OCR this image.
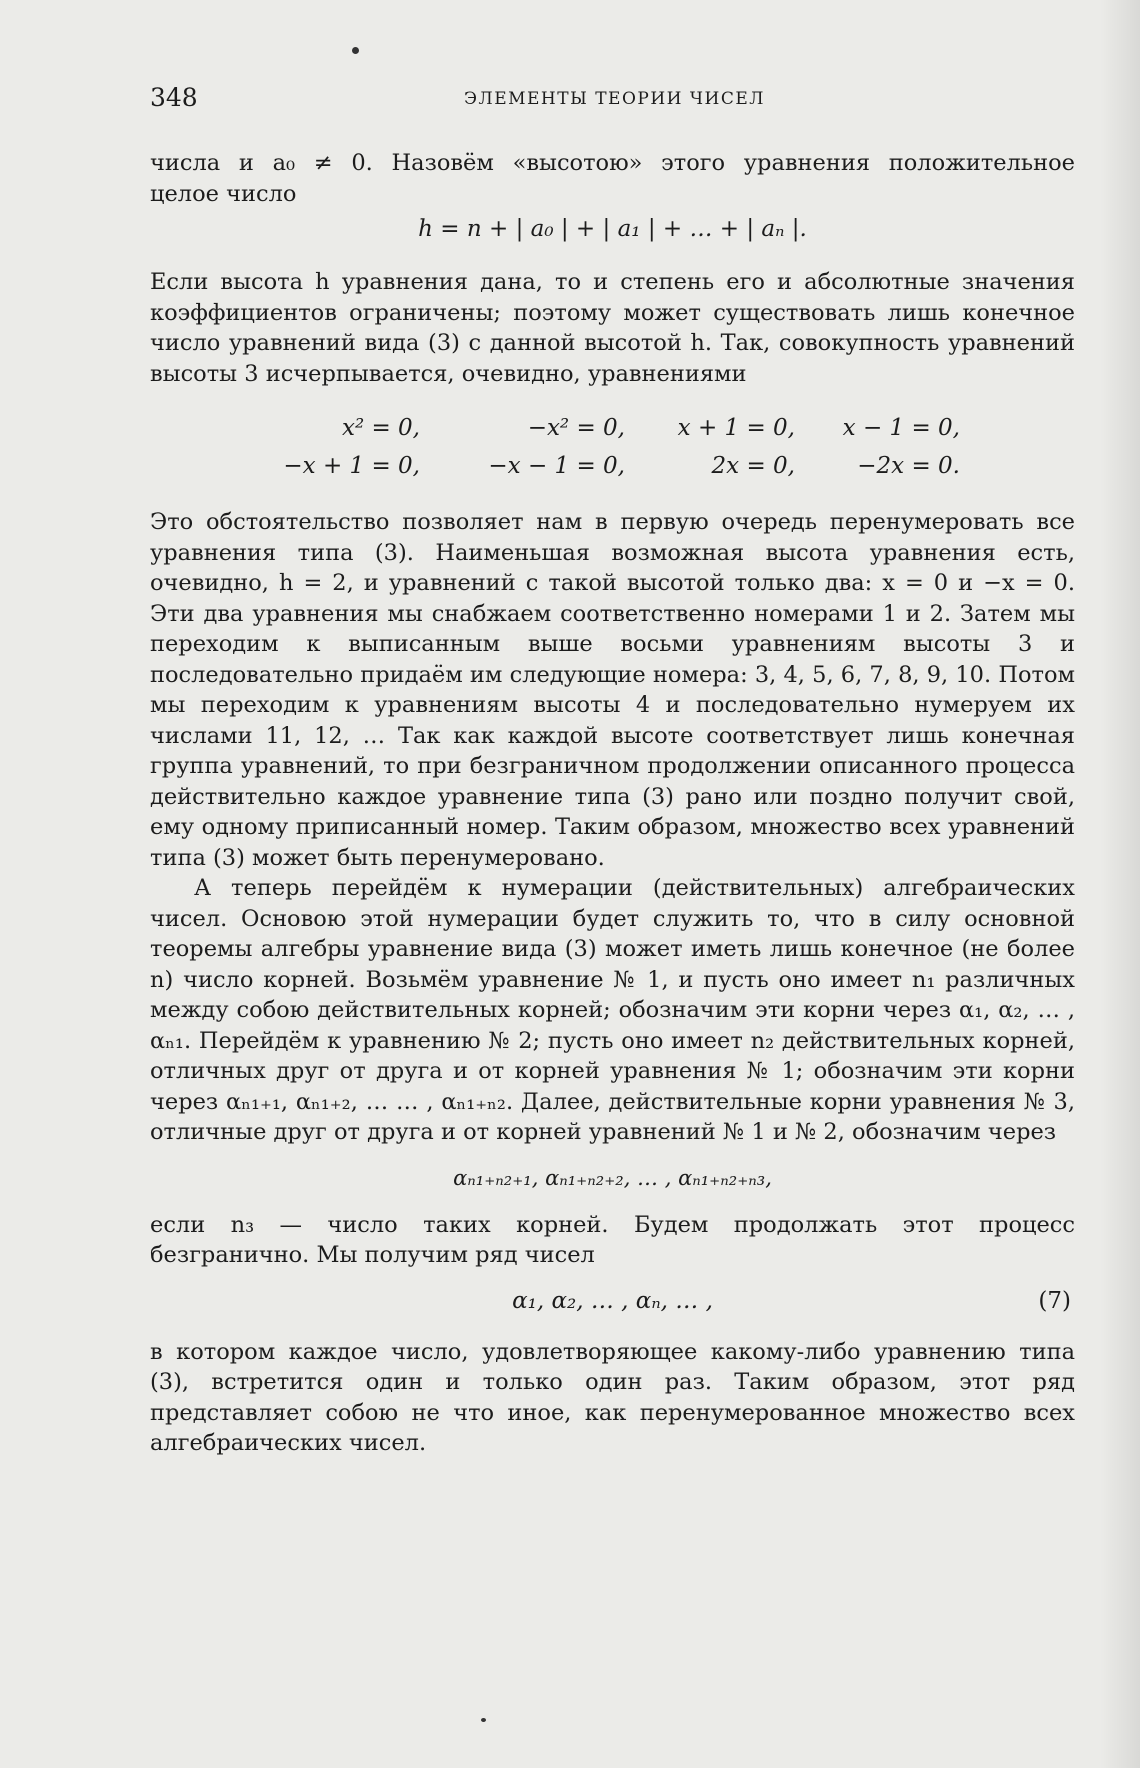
348	ЭЛЕМЕНТЫ ТЕОРИИ ЧИСЕЛ

числа и a₀ ≠ 0. Назовём «высотою» этого уравнения положительное

целое число

h = n + | a₀ | + | a₁ | + … + | aₙ |.

Если высота h уравнения дана, то и степень его и абсолютные значения коэффициентов ограничены; поэтому может существовать лишь конечное число уравнений вида (3) с данной высотой h. Так, совокупность уравнений высоты 3 исчерпывается, очевидно, уравнениями

x² = 0,	−x² = 0,	x + 1 = 0,	x − 1 = 0,
−x + 1 = 0,	−x − 1 = 0,	2x = 0,	−2x = 0.

Это обстоятельство позволяет нам в первую очередь перенумеровать все уравнения типа (3). Наименьшая возможная высота уравнения есть, очевидно, h = 2, и уравнений с такой высотой только два: x = 0 и −x = 0. Эти два уравнения мы снабжаем соответственно номерами 1 и 2. Затем мы переходим к выписанным выше восьми уравнениям высоты 3 и последовательно придаём им следующие номера: 3, 4, 5, 6, 7, 8, 9, 10. Потом мы переходим к уравнениям высоты 4 и последовательно нумеруем их числами 11, 12, … Так как каждой высоте соответствует лишь конечная группа уравнений, то при безграничном продолжении описанного процесса действительно каждое уравнение типа (3) рано или поздно получит свой, ему одному приписанный номер. Таким образом, множество всех уравнений типа (3) может быть перенумеровано.

А теперь перейдём к нумерации (действительных) алгебраических чисел. Основою этой нумерации будет служить то, что в силу основной теоремы алгебры уравнение вида (3) может иметь лишь конечное (не более n) число корней. Возьмём уравнение № 1, и пусть оно имеет n₁ различных между собою действительных корней; обозначим эти корни через α₁, α₂, … , αₙ₁. Перейдём к уравнению № 2; пусть оно имеет n₂ действительных корней, отличных друг от друга и от корней уравнения № 1; обозначим эти корни через αₙ₁₊₁, αₙ₁₊₂, … … , αₙ₁₊ₙ₂. Далее, действительные корни уравнения № 3, отличные друг от друга и от корней уравнений № 1 и № 2, обозначим через

αₙ₁₊ₙ₂₊₁, αₙ₁₊ₙ₂₊₂, … , αₙ₁₊ₙ₂₊ₙ₃,

если n₃ — число таких корней. Будем продолжать этот процесс безгранично. Мы получим ряд чисел

α₁, α₂, … , αₙ, … ,	(7)

в котором каждое число, удовлетворяющее какому-либо уравнению типа (3), встретится один и только один раз. Таким образом, этот ряд представляет собою не что иное, как перенумерованное множество всех алгебраических чисел.
